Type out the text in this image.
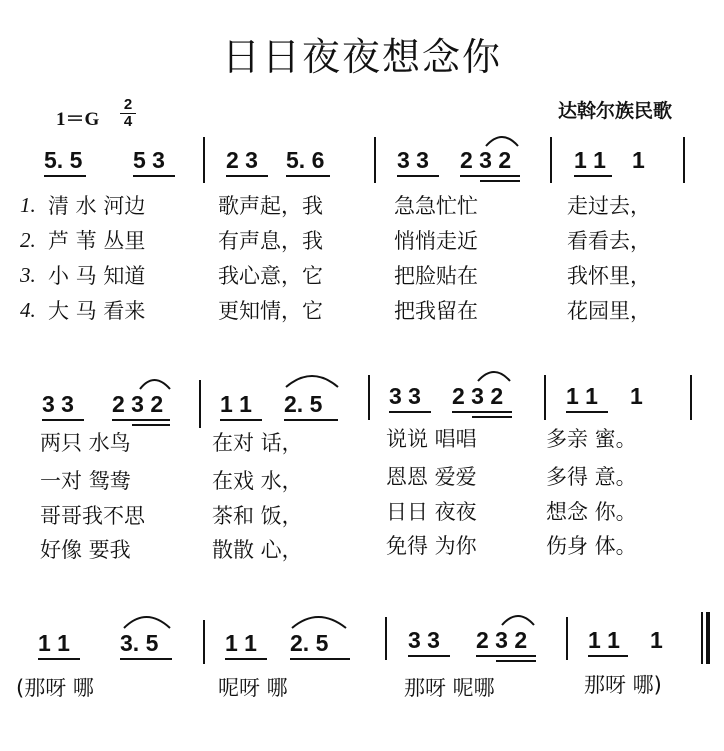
日日夜夜想念你
1＝G
2
4	达斡尔族民歌
5. 5 5 3	2 3 5. 6	3 3 2 3 2	1 1 1
1. 清 水 河边	歌声起，我	急急忙忙	走过去，
2. 芦 苇 丛里	有声息，我	悄悄走近	看看去，
3. 小 马 知道	我心意，它	把脸贴在	我怀里，
4. 大 马 看来	更知情，它	把我留在	花园里，
3 3 2 3 2 1 1 2. 5	3 3 2 3 2	1 1 1
两只 水鸟	在对 话，	说说 唱唱	多亲 蜜。
一对 鸳鸯	在戏 水，	恩恩 爱爱	多得 意。
哥哥我不思	茶和 饭，	日日 夜夜	想念 你。
好像 要我	散散 心，	免得 为你	伤身 体。
1 1 3. 5	1 1 2. 5	3 3 2 3 2	1 1 1
(那呀 哪	呢呀 哪	那呀 呢哪	那呀 哪)
